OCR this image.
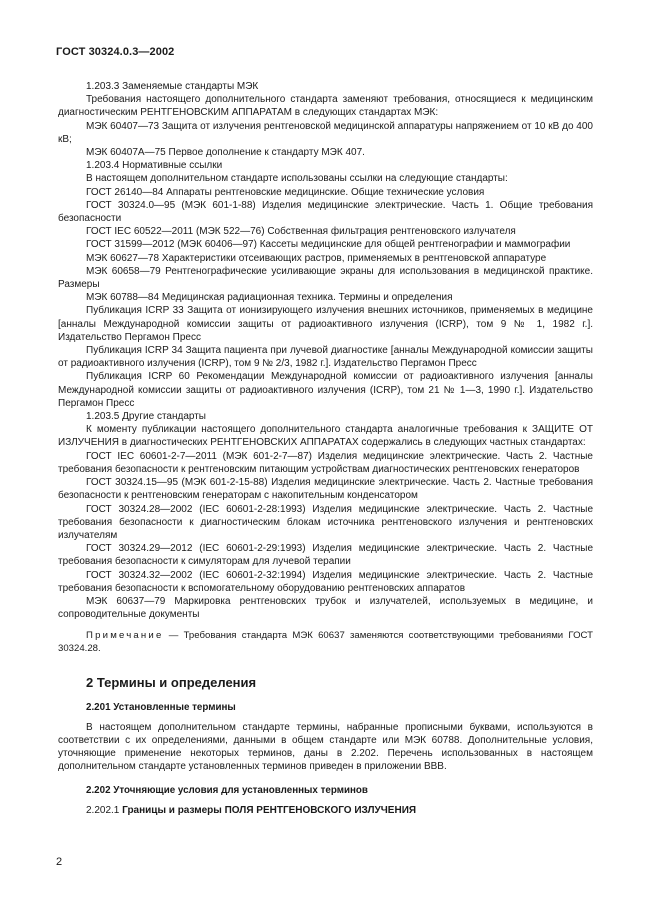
ГОСТ 30324.0.3—2002

1.203.3 Заменяемые стандарты МЭК

Требования настоящего дополнительного стандарта заменяют требования, относящиеся к медицинским диагностическим РЕНТГЕНОВСКИМ АППАРАТАМ в следующих стандартах МЭК:

МЭК 60407—73 Защита от излучения рентгеновской медицинской аппаратуры напряжением от 10 кВ до 400 кВ;

МЭК 60407А—75 Первое дополнение к стандарту МЭК 407.

1.203.4 Нормативные ссылки

В настоящем дополнительном стандарте использованы ссылки на следующие стандарты:

ГОСТ 26140—84 Аппараты рентгеновские медицинские. Общие технические условия

ГОСТ 30324.0—95 (МЭК 601-1-88) Изделия медицинские электрические. Часть 1. Общие требования безопасности

ГОСТ IEC 60522—2011 (МЭК 522—76) Собственная фильтрация рентгеновского излучателя

ГОСТ 31599—2012 (МЭК 60406—97) Кассеты медицинские для общей рентгенографии и маммографии

МЭК 60627—78 Характеристики отсеивающих растров, применяемых в рентгеновской аппаратуре

МЭК 60658—79 Рентгенографические усиливающие экраны для использования в медицинской практике. Размеры

МЭК 60788—84 Медицинская радиационная техника. Термины и определения

Публикация ICRP 33 Защита от ионизирующего излучения внешних источников, применяемых в медицине [анналы Международной комиссии защиты от радиоактивного излучения (ICRP), том 9 № 1, 1982 г.]. Издательство Пергамон Пресс

Публикация ICRP 34 Защита пациента при лучевой диагностике [анналы Международной комиссии защиты от радиоактивного излучения (ICRP), том 9 № 2/3, 1982 г.]. Издательство Пергамон Пресс

Публикация ICRP 60 Рекомендации Международной комиссии от радиоактивного излучения [анналы Международной комиссии защиты от радиоактивного излучения (ICRP), том 21 № 1—3, 1990 г.]. Издательство Пергамон Пресс

1.203.5 Другие стандарты

К моменту публикации настоящего дополнительного стандарта аналогичные требования к ЗАЩИТЕ ОТ ИЗЛУЧЕНИЯ в диагностических РЕНТГЕНОВСКИХ АППАРАТАХ содержались в следующих частных стандартах:

ГОСТ IEC 60601-2-7—2011 (МЭК 601-2-7—87) Изделия медицинские электрические. Часть 2. Частные требования безопасности к рентгеновским питающим устройствам диагностических рентгеновских генераторов

ГОСТ 30324.15—95 (МЭК 601-2-15-88) Изделия медицинские электрические. Часть 2. Частные требования безопасности к рентгеновским генераторам с накопительным конденсатором

ГОСТ 30324.28—2002 (IEC 60601-2-28:1993) Изделия медицинские электрические. Часть 2. Частные требования безопасности к диагностическим блокам источника рентгеновского излучения и рентгеновских излучателям

ГОСТ 30324.29—2012 (IEC 60601-2-29:1993) Изделия медицинские электрические. Часть 2. Частные требования безопасности к симуляторам для лучевой терапии

ГОСТ 30324.32—2002 (IEC 60601-2-32:1994) Изделия медицинские электрические. Часть 2. Частные требования безопасности к вспомогательному оборудованию рентгеновских аппаратов

МЭК 60637—79 Маркировка рентгеновских трубок и излучателей, используемых в медицине, и сопроводительные документы

Примечание — Требования стандарта МЭК 60637 заменяются соответствующими требованиями ГОСТ 30324.28.

2 Термины и определения

2.201 Установленные термины

В настоящем дополнительном стандарте термины, набранные прописными буквами, используются в соответствии с их определениями, данными в общем стандарте или МЭК 60788. Дополнительные условия, уточняющие применение некоторых терминов, даны в 2.202. Перечень использованных в настоящем дополнительном стандарте установленных терминов приведен в приложении ВВВ.

2.202 Уточняющие условия для установленных терминов

2.202.1 Границы и размеры ПОЛЯ РЕНТГЕНОВСКОГО ИЗЛУЧЕНИЯ

2
